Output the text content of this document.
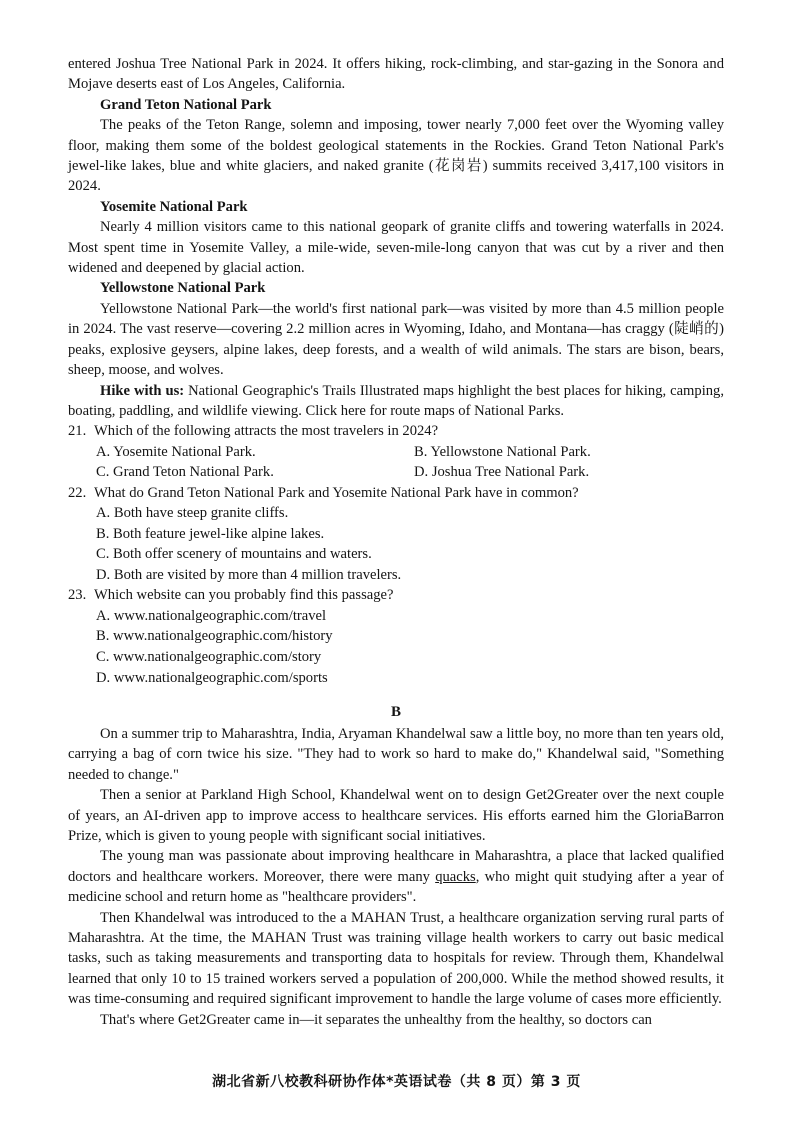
entered Joshua Tree National Park in 2024. It offers hiking, rock-climbing, and star-gazing in the Sonora and Mojave deserts east of Los Angeles, California.

Grand Teton National Park

The peaks of the Teton Range, solemn and imposing, tower nearly 7,000 feet over the Wyoming valley floor, making them some of the boldest geological statements in the Rockies. Grand Teton National Park's jewel-like lakes, blue and white glaciers, and naked granite (花岗岩) summits received 3,417,100 visitors in 2024.

Yosemite National Park

Nearly 4 million visitors came to this national geopark of granite cliffs and towering waterfalls in 2024. Most spent time in Yosemite Valley, a mile-wide, seven-mile-long canyon that was cut by a river and then widened and deepened by glacial action.

Yellowstone National Park

Yellowstone National Park—the world's first national park—was visited by more than 4.5 million people in 2024. The vast reserve—covering 2.2 million acres in Wyoming, Idaho, and Montana—has craggy (陡峭的) peaks, explosive geysers, alpine lakes, deep forests, and a wealth of wild animals. The stars are bison, bears, sheep, moose, and wolves.

Hike with us: National Geographic's Trails Illustrated maps highlight the best places for hiking, camping, boating, paddling, and wildlife viewing. Click here for route maps of National Parks.

21. Which of the following attracts the most travelers in 2024?
A. Yosemite National Park.	B. Yellowstone National Park.
C. Grand Teton National Park.	D. Joshua Tree National Park.
22. What do Grand Teton National Park and Yosemite National Park have in common?
A. Both have steep granite cliffs.
B. Both feature jewel-like alpine lakes.
C. Both offer scenery of mountains and waters.
D. Both are visited by more than 4 million travelers.
23. Which website can you probably find this passage?
A. www.nationalgeographic.com/travel
B. www.nationalgeographic.com/history
C. www.nationalgeographic.com/story
D. www.nationalgeographic.com/sports
B

On a summer trip to Maharashtra, India, Aryaman Khandelwal saw a little boy, no more than ten years old, carrying a bag of corn twice his size. "They had to work so hard to make do," Khandelwal said, "Something needed to change."

Then a senior at Parkland High School, Khandelwal went on to design Get2Greater over the next couple of years, an AI-driven app to improve access to healthcare services. His efforts earned him the GloriaBarron Prize, which is given to young people with significant social initiatives.

The young man was passionate about improving healthcare in Maharashtra, a place that lacked qualified doctors and healthcare workers. Moreover, there were many quacks, who might quit studying after a year of medicine school and return home as "healthcare providers".

Then Khandelwal was introduced to the a MAHAN Trust, a healthcare organization serving rural parts of Maharashtra. At the time, the MAHAN Trust was training village health workers to carry out basic medical tasks, such as taking measurements and transporting data to hospitals for review. Through them, Khandelwal learned that only 10 to 15 trained workers served a population of 200,000. While the method showed results, it was time-consuming and required significant improvement to handle the large volume of cases more efficiently.

That's where Get2Greater came in—it separates the unhealthy from the healthy, so doctors can

湖北省新八校教科研协作体*英语试卷（共 8 页）第 3 页
